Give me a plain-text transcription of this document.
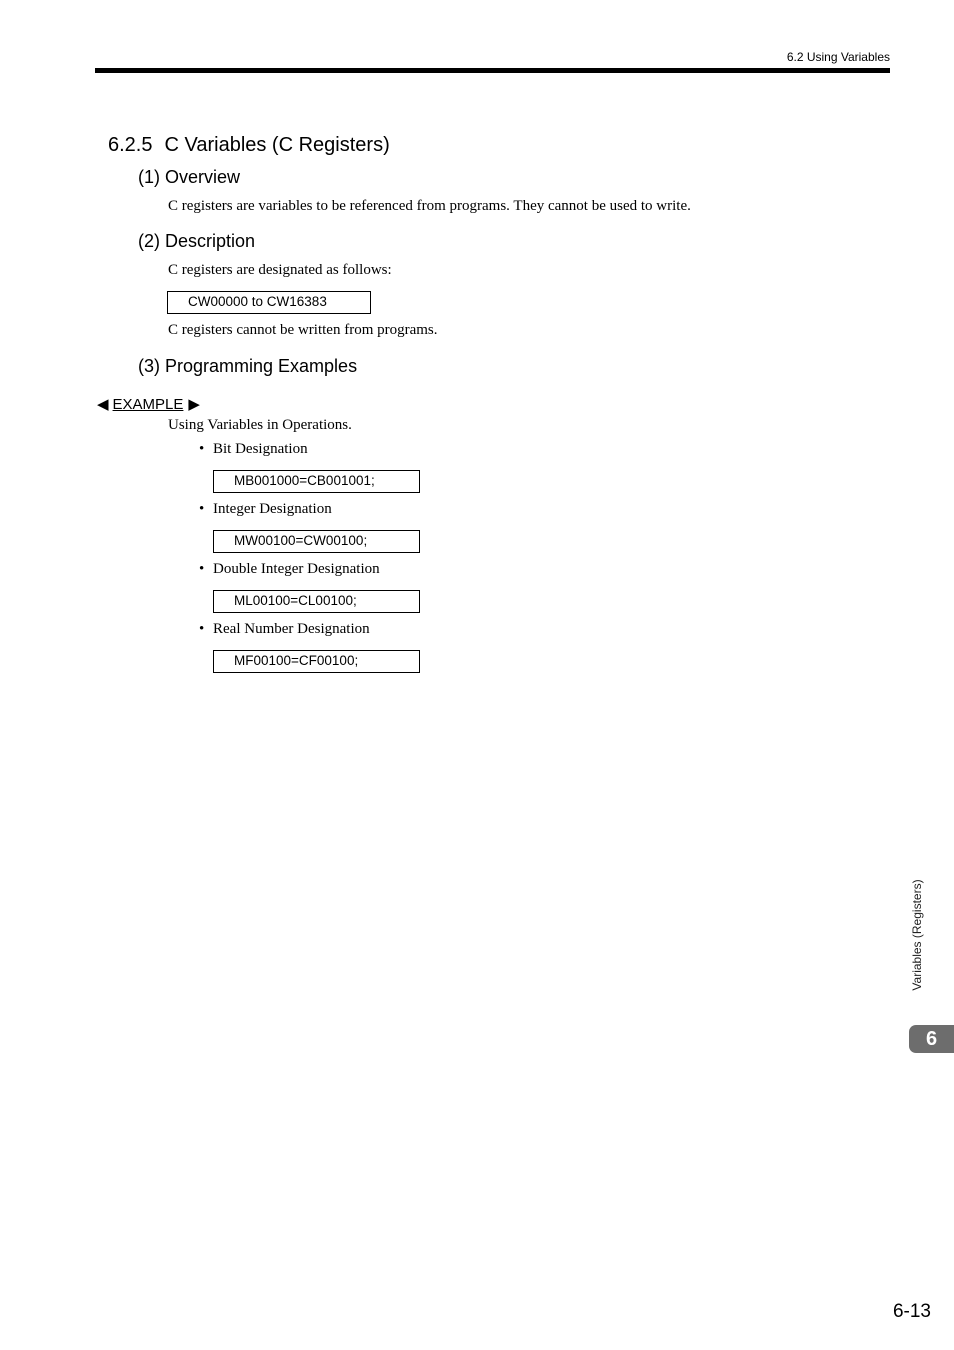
6.2 Using Variables
6.2.5 C Variables (C Registers)
(1) Overview
C registers are variables to be referenced from programs. They cannot be used to write.
(2) Description
C registers are designated as follows:
CW00000 to CW16383
C registers cannot be written from programs.
(3) Programming Examples
◀ EXAMPLE ▶
Using Variables in Operations.
• Bit Designation
MB001000=CB001001;
• Integer Designation
MW00100=CW00100;
• Double Integer Designation
ML00100=CL00100;
• Real Number Designation
MF00100=CF00100;
Variables (Registers)
6
6-13
